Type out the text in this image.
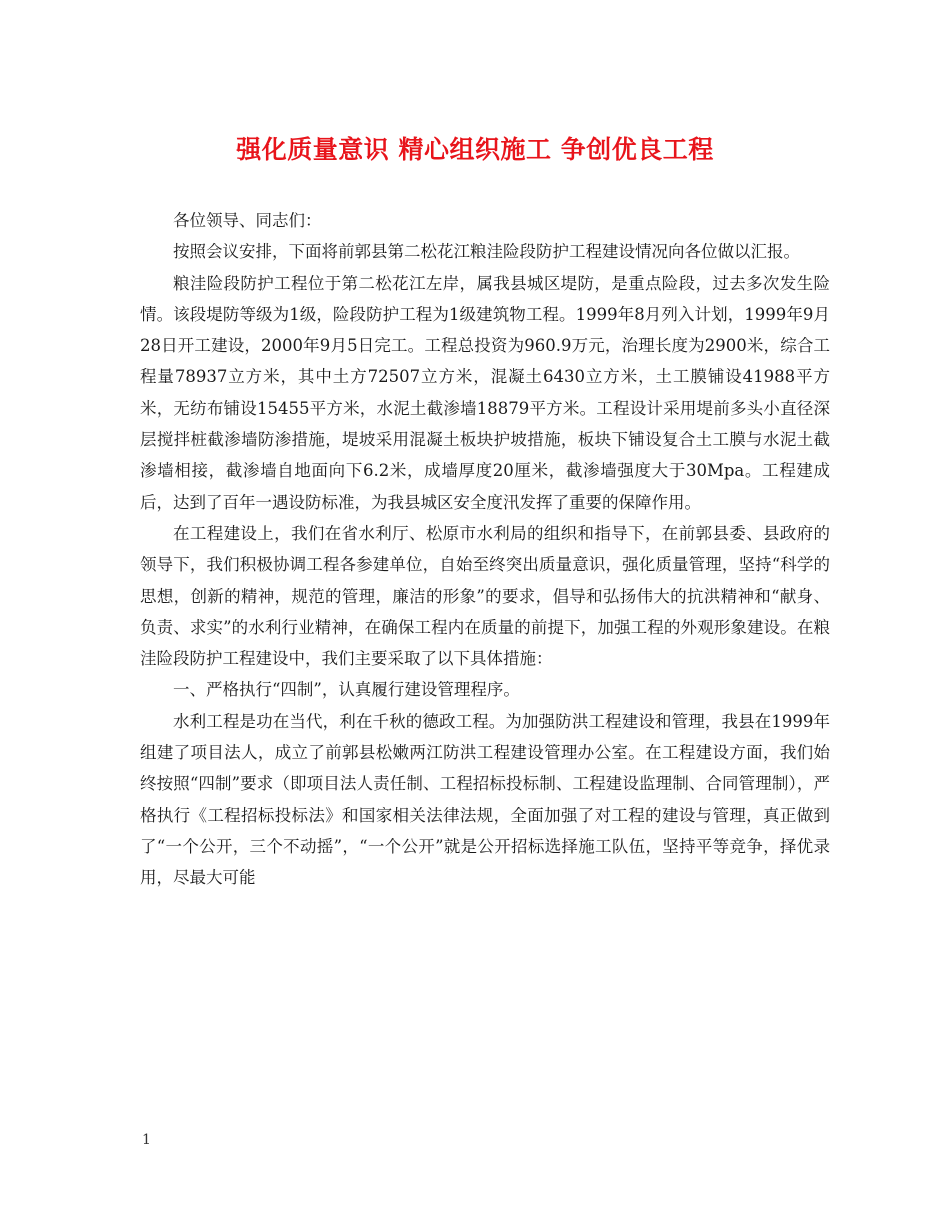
强化质量意识 精心组织施工 争创优良工程

各位领导、同志们：

按照会议安排，下面将前郭县第二松花江粮洼险段防护工程建设情况向各位做以汇报。

粮洼险段防护工程位于第二松花江左岸，属我县城区堤防，是重点险段，过去多次发生险情。该段堤防等级为1级，险段防护工程为1级建筑物工程。1999年8月列入计划，1999年9月28日开工建设，2000年9月5日完工。工程总投资为960.9万元，治理长度为2900米，综合工程量78937立方米，其中土方72507立方米，混凝土6430立方米，土工膜铺设41988平方米，无纺布铺设15455平方米，水泥土截渗墙18879平方米。工程设计采用堤前多头小直径深层搅拌桩截渗墙防渗措施，堤坡采用混凝土板块护坡措施，板块下铺设复合土工膜与水泥土截渗墙相接，截渗墙自地面向下6.2米，成墙厚度20厘米，截渗墙强度大于30Mpa。工程建成后，达到了百年一遇设防标准，为我县城区安全度汛发挥了重要的保障作用。

在工程建设上，我们在省水利厅、松原市水利局的组织和指导下，在前郭县委、县政府的领导下，我们积极协调工程各参建单位，自始至终突出质量意识，强化质量管理，坚持“科学的思想，创新的精神，规范的管理，廉洁的形象”的要求，倡导和弘扬伟大的抗洪精神和“献身、负责、求实”的水利行业精神，在确保工程内在质量的前提下，加强工程的外观形象建设。在粮洼险段防护工程建设中，我们主要采取了以下具体措施：

一、严格执行“四制”，认真履行建设管理程序。

水利工程是功在当代，利在千秋的德政工程。为加强防洪工程建设和管理，我县在1999年组建了项目法人，成立了前郭县松嫩两江防洪工程建设管理办公室。在工程建设方面，我们始终按照“四制”要求（即项目法人责任制、工程招标投标制、工程建设监理制、合同管理制），严格执行《工程招标投标法》和国家相关法律法规，全面加强了对工程的建设与管理，真正做到了“一个公开，三个不动摇”，“一个公开”就是公开招标选择施工队伍，坚持平等竞争，择优录用，尽最大可能

1
